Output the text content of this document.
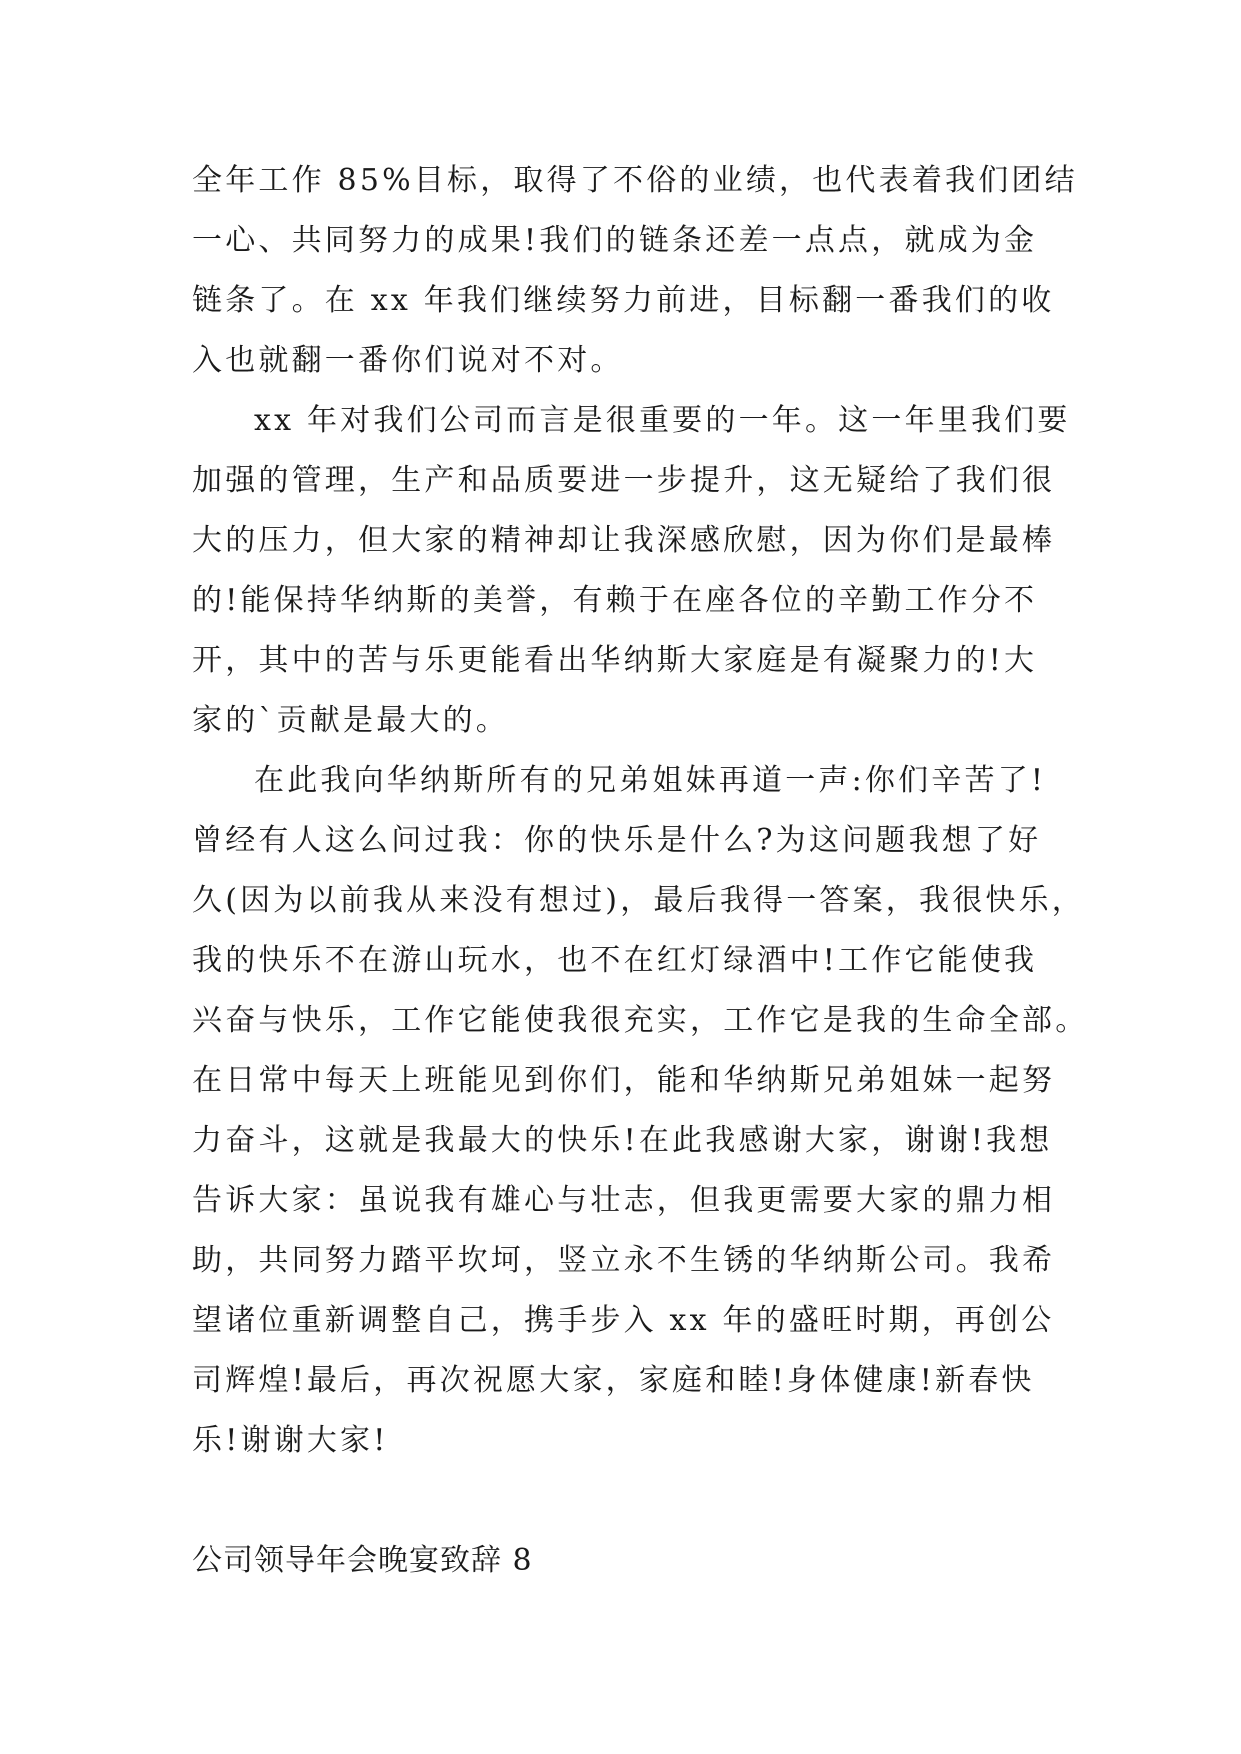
全年工作 85%目标，取得了不俗的业绩，也代表着我们团结
一心、共同努力的成果!我们的链条还差一点点，就成为金
链条了。在 xx 年我们继续努力前进，目标翻一番我们的收
入也就翻一番你们说对不对。
xx 年对我们公司而言是很重要的一年。这一年里我们要
加强的管理，生产和品质要进一步提升，这无疑给了我们很
大的压力，但大家的精神却让我深感欣慰，因为你们是最棒
的!能保持华纳斯的美誉，有赖于在座各位的辛勤工作分不
开，其中的苦与乐更能看出华纳斯大家庭是有凝聚力的!大
家的`贡献是最大的。
在此我向华纳斯所有的兄弟姐妹再道一声:你们辛苦了!
曾经有人这么问过我：你的快乐是什么?为这问题我想了好
久(因为以前我从来没有想过)，最后我得一答案，我很快乐，
我的快乐不在游山玩水，也不在红灯绿酒中!工作它能使我
兴奋与快乐，工作它能使我很充实，工作它是我的生命全部。
在日常中每天上班能见到你们，能和华纳斯兄弟姐妹一起努
力奋斗，这就是我最大的快乐!在此我感谢大家，谢谢!我想
告诉大家：虽说我有雄心与壮志，但我更需要大家的鼎力相
助，共同努力踏平坎坷，竖立永不生锈的华纳斯公司。我希
望诸位重新调整自己，携手步入 xx 年的盛旺时期，再创公
司辉煌!最后，再次祝愿大家，家庭和睦!身体健康!新春快
乐!谢谢大家!
公司领导年会晚宴致辞 8
